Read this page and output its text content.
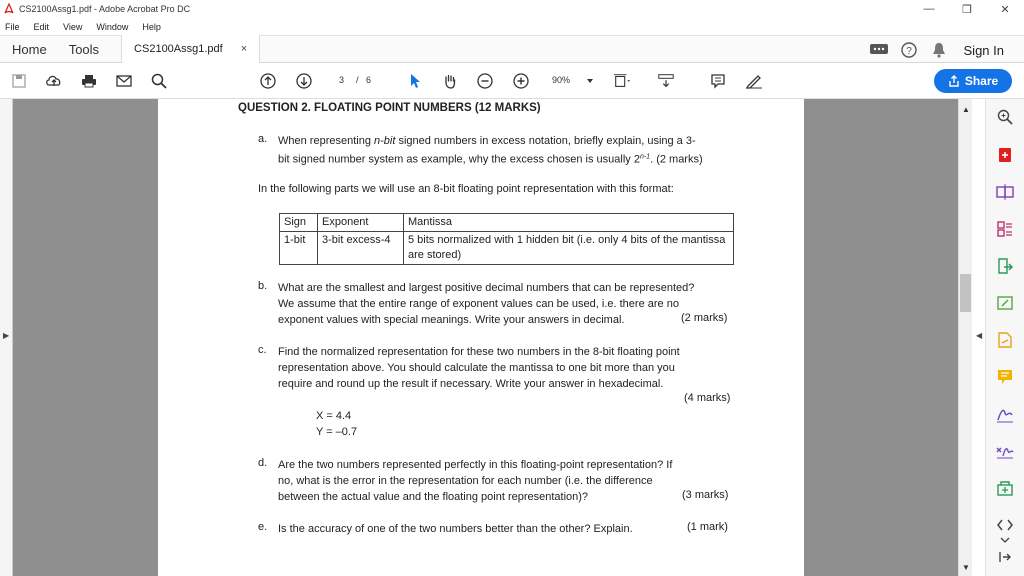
CS2100Assg1.pdf - Adobe Acrobat Pro DC	—	❐	✕
File Edit View Window Help
Home Tools	CS2100Assg1.pdf ×	?	Sign In
3 / 6	90%	Share
▶
QUESTION 2. FLOATING POINT NUMBERS (12 MARKS)
a. When representing n-bit signed numbers in excess notation, briefly explain, using a 3-
bit signed number system as example, why the excess chosen is usually 2$^{n-1}$. (2 marks)
In the following parts we will use an 8-bit floating point representation with this format:
Sign	Exponent	Mantissa
1-bit	3-bit excess-4	5 bits normalized with 1 hidden bit (i.e. only 4 bits of the mantissa are stored)
b. What are the smallest and largest positive decimal numbers that can be represented?
We assume that the entire range of exponent values can be used, i.e. there are no
exponent values with special meanings. Write your answers in decimal.	(2 marks)
c. Find the normalized representation for these two numbers in the 8-bit floating point
representation above. You should calculate the mantissa to one bit more than you
require and round up the result if necessary. Write your answer in hexadecimal.
(4 marks)
X = 4.4
Y = –0.7
d. Are the two numbers represented perfectly in this floating-point representation? If
no, what is the error in the representation for each number (i.e. the difference
between the actual value and the floating point representation)?	(3 marks)
e. Is the accuracy of one of the two numbers better than the other? Explain.	(1 mark)
▲
▼
◀
